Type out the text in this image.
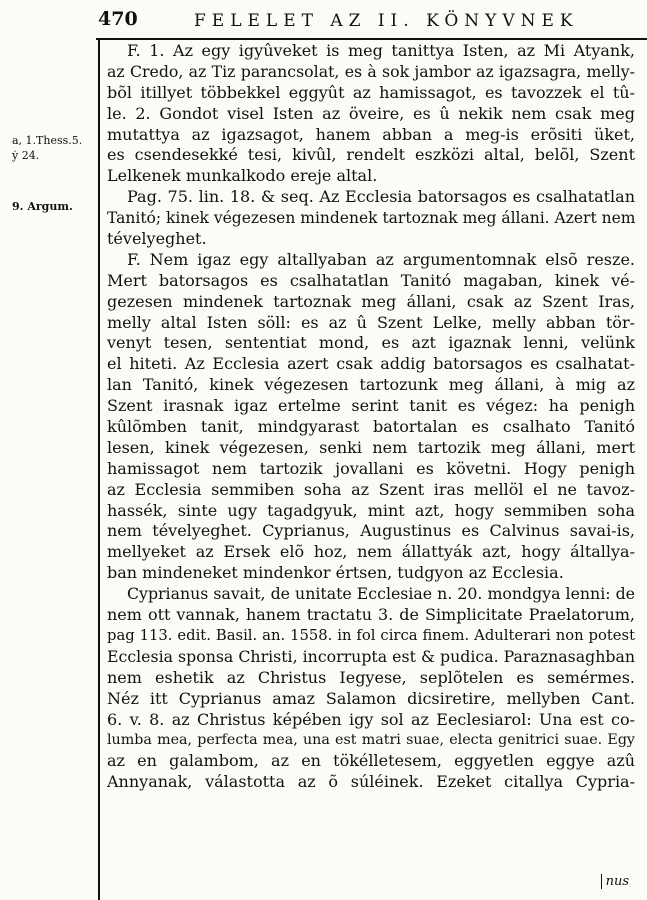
470	FELELET AZ II. KÖNYVNEK
a, 1.Thess.5.
ẏ 24.
9. Argum.
F. 1. Az egy igyûveket is meg tanittya Isten, az Mi Atyank,
az Credo, az Tiz parancsolat, es à sok jambor az igazsagra, melly-
bõl itillyet többekkel eggyût az hamissagot, es tavozzek el tû-
le. 2. Gondot visel Isten az öveire, es û nekik nem csak meg
mutattya az igazsagot, hanem abban a meg-is erõsiti üket,
es csendesekké tesi, kivûl, rendelt eszközi altal, belõl, Szent
Lelkenek munkalkodo ereje altal.
Pag. 75. lin. 18. & seq. Az Ecclesia batorsagos es csalhatatlan
Tanitó; kinek végezesen mindenek tartoznak meg állani. Azert nem
tévelyeghet.
F. Nem igaz egy altallyaban az argumentomnak elsõ resze.
Mert batorsagos es csalhatatlan Tanitó magaban, kinek vé-
gezesen mindenek tartoznak meg állani, csak az Szent Iras,
melly altal Isten söll: es az û Szent Lelke, melly abban tör-
venyt tesen, sententiat mond, es azt igaznak lenni, velünk
el hiteti. Az Ecclesia azert csak addig batorsagos es csalhatat-
lan Tanitó, kinek végezesen tartozunk meg állani, à mig az
Szent irasnak igaz ertelme serint tanit es végez: ha penigh
kûlõmben tanit, mindgyarast batortalan es csalhato Tanitó
lesen, kinek végezesen, senki nem tartozik meg állani, mert
hamissagot nem tartozik jovallani es követni. Hogy penigh
az Ecclesia semmiben soha az Szent iras mellöl el ne tavoz-
hassék, sinte ugy tagadgyuk, mint azt, hogy semmiben soha
nem tévelyeghet. Cyprianus, Augustinus es Calvinus savai-is,
mellyeket az Ersek elõ hoz, nem állattyák azt, hogy általlya-
ban mindeneket mindenkor értsen, tudgyon az Ecclesia.
Cyprianus savait, de unitate Ecclesiae n. 20. mondgya lenni: de
nem ott vannak, hanem tractatu 3. de Simplicitate Praelatorum,
pag 113. edit. Basil. an. 1558. in fol circa finem. Adulterari non potest
Ecclesia sponsa Christi, incorrupta est & pudica. Paraznasaghban
nem eshetik az Christus Iegyese, seplõtelen es semérmes.
Néz itt Cyprianus amaz Salamon dicsiretire, mellyben Cant.
6. v. 8. az Christus képében igy sol az Eeclesiarol: Una est co-
lumba mea, perfecta mea, una est matri suae, electa genitrici suae. Egy
az en galambom, az en tökélletesem, eggyetlen eggye azû
Annyanak, válastotta az õ súléinek. Ezeket citallya Cypria-
nus
